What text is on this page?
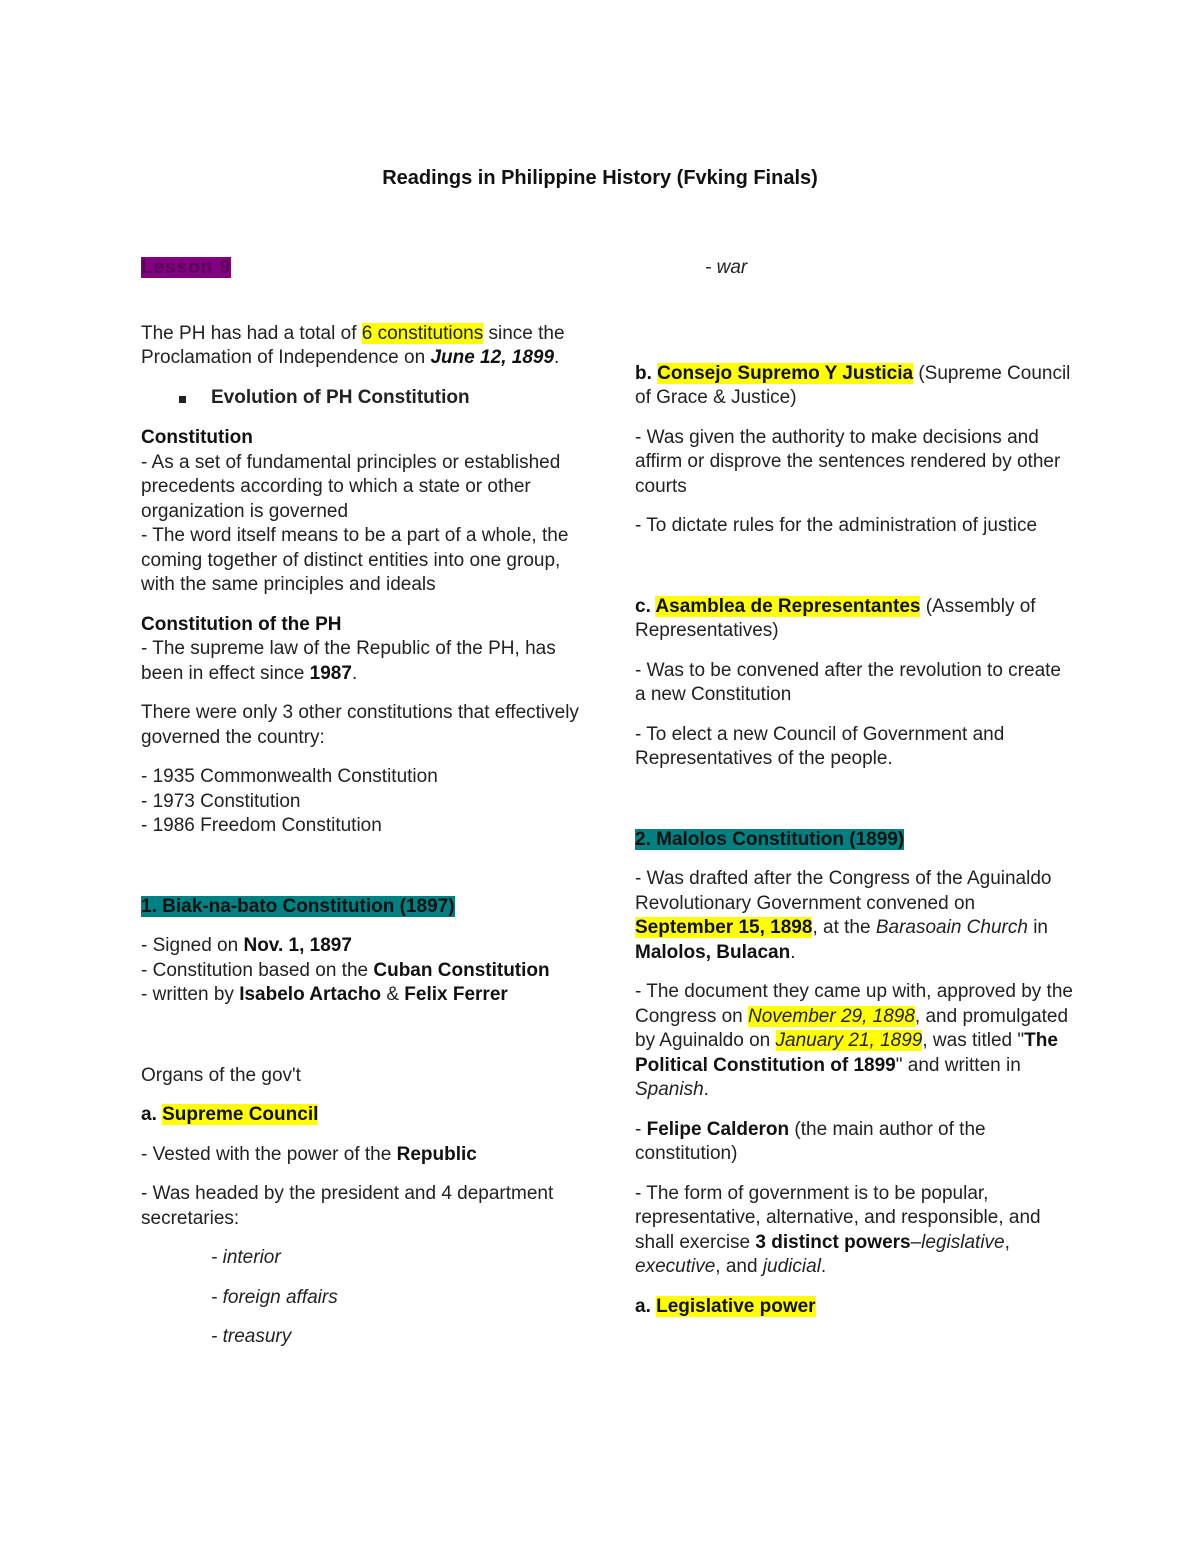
Readings in Philippine History (Fvking Finals)

Lesson 9

The PH has had a total of 6 constitutions since the Proclamation of Independence on June 12, 1899.

Evolution of PH Constitution

Constitution

- As a set of fundamental principles or established precedents according to which a state or other organization is governed

- The word itself means to be a part of a whole, the coming together of distinct entities into one group, with the same principles and ideals

Constitution of the PH

- The supreme law of the Republic of the PH, has been in effect since 1987.

There were only 3 other constitutions that effectively governed the country:

- 1935 Commonwealth Constitution

- 1973 Constitution

- 1986 Freedom Constitution

1. Biak-na-bato Constitution (1897)

- Signed on Nov. 1, 1897

- Constitution based on the Cuban Constitution

- written by Isabelo Artacho & Felix Ferrer

Organs of the gov't

a. Supreme Council

- Vested with the power of the Republic

- Was headed by the president and 4 department secretaries:

- interior

- foreign affairs

- treasury

- war

b. Consejo Supremo Y Justicia (Supreme Council of Grace & Justice)

- Was given the authority to make decisions and affirm or disprove the sentences rendered by other courts

- To dictate rules for the administration of justice

c. Asamblea de Representantes (Assembly of Representatives)

- Was to be convened after the revolution to create a new Constitution

- To elect a new Council of Government and Representatives of the people.

2. Malolos Constitution (1899)

- Was drafted after the Congress of the Aguinaldo Revolutionary Government convened on September 15, 1898, at the Barasoain Church in Malolos, Bulacan.

- The document they came up with, approved by the Congress on November 29, 1898, and promulgated by Aguinaldo on January 21, 1899, was titled "The Political Constitution of 1899" and written in Spanish.

- Felipe Calderon (the main author of the constitution)

- The form of government is to be popular, representative, alternative, and responsible, and shall exercise 3 distinct powers–legislative, executive, and judicial.

a. Legislative power
